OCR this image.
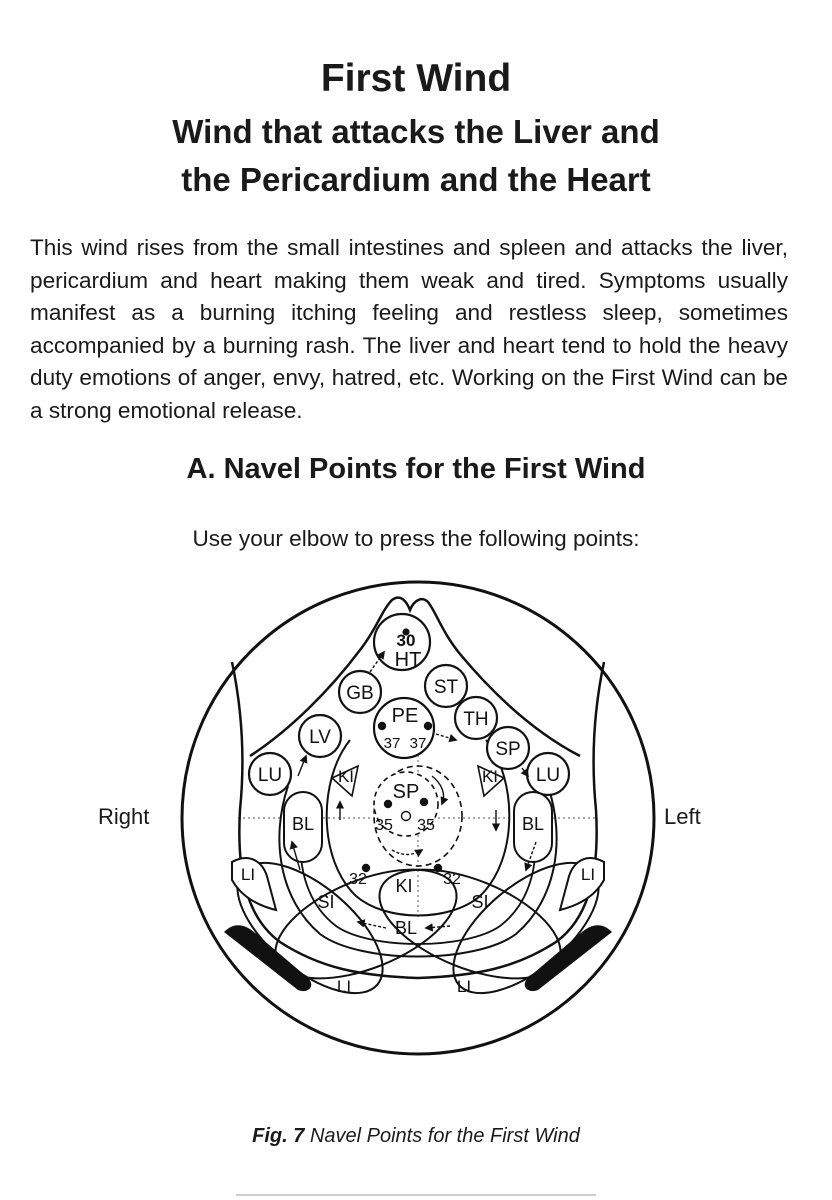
First Wind
Wind that attacks the Liver and
the Pericardium and the Heart

This wind rises from the small intestines and spleen and attacks the liver, pericardium and heart making them weak and tired. Symptoms usually manifest as a burning itching feeling and restless sleep, sometimes accompanied by a burning rash. The liver and heart tend to hold the heavy duty emotions of anger, envy, hatred, etc. Working on the First Wind can be a strong emotional release.

A. Navel Points for the First Wind
Use your elbow to press the following points:
Right	Left
30
HT
GB	ST
PE
37 37
TH
LV
SP
LU	LU
KI	KI
SP
35 35
BL	BL
LI	LI
KI
32	32
SI	SI
BL
LI	LI
Fig. 7 Navel Points for the First Wind
